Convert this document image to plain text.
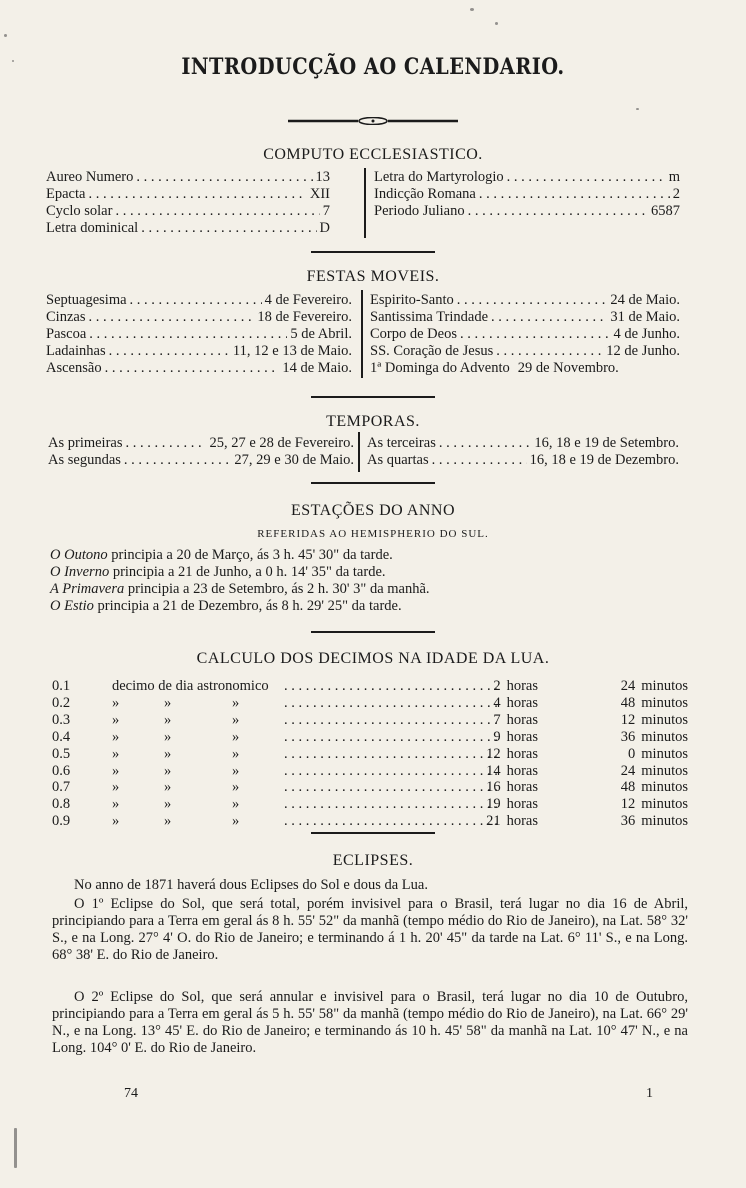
INTRODUCÇÃO AO CALENDARIO.
COMPUTO ECCLESIASTICO.
Aureo Numero . . .	13
Epacta . . .	XII
Cyclo solar . . .	7
Letra dominical . . .	D
Letra do Martyrologio . . .	m
Indicção Romana . . .	2
Periodo Juliano . . .	6587
FESTAS MOVEIS.
Septuagesima . . .	4 de Fevereiro.
Cinzas . . .	18 de Fevereiro.
Pascoa . . .	5 de Abril.
Ladainhas . . .	11, 12 e 13 de Maio.
Ascensão . . .	14 de Maio.
Espirito-Santo . . .	24 de Maio.
Santissima Trindade . . .	31 de Maio.
Corpo de Deos . . .	4 de Junho.
SS. Coração de Jesus . . .	12 de Junho.
1ª Dominga do Advento 29 de Novembro.
TEMPORAS.
As primeiras . . .	25, 27 e 28 de Fevereiro.
As segundas . . .	27, 29 e 30 de Maio.
As terceiras . . .	16, 18 e 19 de Setembro.
As quartas . . .	16, 18 e 19 de Dezembro.
ESTAÇÕES DO ANNO
REFERIDAS AO HEMISPHERIO DO SUL.
O Outono principia a 20 de Março, ás 3 h. 45' 30" da tarde.
O Inverno principia a 21 de Junho, a 0 h. 14' 35" da tarde.
A Primavera principia a 23 de Setembro, ás 2 h. 30' 3" da manhã.
O Estio principia a 21 de Dezembro, ás 8 h. 29' 25" da tarde.
CALCULO DOS DECIMOS NA IDADE DA LUA.
0.1	decimo de dia astronomico . . .	2 horas	24 minutos
0.2	»	»	» . . .	4 horas	48 minutos
0.3	»	»	» . . .	7 horas	12 minutos
0.4	»	»	» . . .	9 horas	36 minutos
0.5	»	»	» . . .	12 horas	0 minutos
0.6	»	»	» . . .	14 horas	24 minutos
0.7	»	»	» . . .	16 horas	48 minutos
0.8	»	»	» . . .	19 horas	12 minutos
0.9	»	»	» . . .	21 horas	36 minutos
ECLIPSES.
No anno de 1871 haverá dous Eclipses do Sol e dous da Lua.
O 1º Eclipse do Sol, que será total, porém invisivel para o Brasil, terá lugar no dia 16 de Abril, principiando para a Terra em geral ás 8 h. 55' 52" da manhã (tempo médio do Rio de Janeiro), na Lat. 58° 32' S., e na Long. 27° 4' O. do Rio de Janeiro; e terminando á 1 h. 20' 45" da tarde na Lat. 6° 11' S., e na Long. 68° 38' E. do Rio de Janeiro.
O 2º Eclipse do Sol, que será annular e invisivel para o Brasil, terá lugar no dia 10 de Outubro, principiando para a Terra em geral ás 5 h. 55' 58" da manhã (tempo médio do Rio de Janeiro), na Lat. 66° 29' N., e na Long. 13° 45' E. do Rio de Janeiro; e terminando ás 10 h. 45' 58" da manhã na Lat. 10° 47' N., e na Long. 104° 0' E. do Rio de Janeiro.
74	1
